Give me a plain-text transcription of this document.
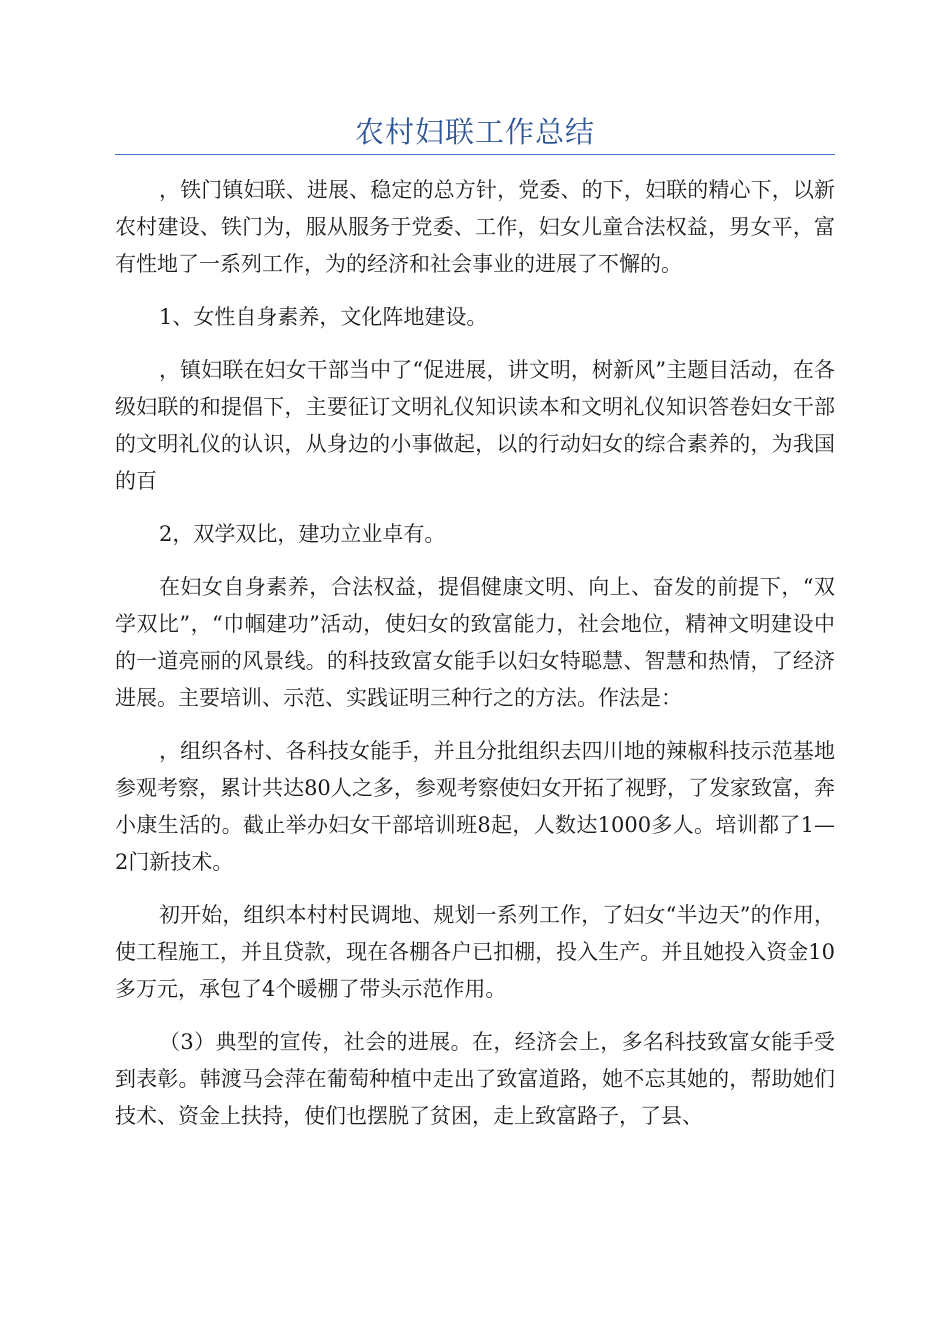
农村妇联工作总结

，铁门镇妇联、进展、稳定的总方针，党委、的下，妇联的精心下，以新农村建设、铁门为，服从服务于党委、工作，妇女儿童合法权益，男女平，富有性地了一系列工作，为的经济和社会事业的进展了不懈的。

1、女性自身素养，文化阵地建设。

，镇妇联在妇女干部当中了“促进展，讲文明，树新风”主题目活动，在各级妇联的和提倡下，主要征订文明礼仪知识读本和文明礼仪知识答卷妇女干部的文明礼仪的认识，从身边的小事做起，以的行动妇女的综合素养的，为我国的百

2，双学双比，建功立业卓有。

在妇女自身素养，合法权益，提倡健康文明、向上、奋发的前提下，“双学双比”，“巾帼建功”活动，使妇女的致富能力，社会地位，精神文明建设中的一道亮丽的风景线。的科技致富女能手以妇女特聪慧、智慧和热情，了经济进展。主要培训、示范、实践证明三种行之的方法。作法是：

，组织各村、各科技女能手，并且分批组织去四川地的辣椒科技示范基地参观考察，累计共达80人之多，参观考察使妇女开拓了视野，了发家致富，奔小康生活的。截止举办妇女干部培训班8起，人数达1000多人。培训都了1—2门新技术。

初开始，组织本村村民调地、规划一系列工作，了妇女“半边天”的作用，使工程施工，并且贷款，现在各棚各户已扣棚，投入生产。并且她投入资金10多万元，承包了4个暖棚了带头示范作用。

（3）典型的宣传，社会的进展。在，经济会上，多名科技致富女能手受到表彰。韩渡马会萍在葡萄种植中走出了致富道路，她不忘其她的，帮助她们技术、资金上扶持，使们也摆脱了贫困，走上致富路子，了县、
